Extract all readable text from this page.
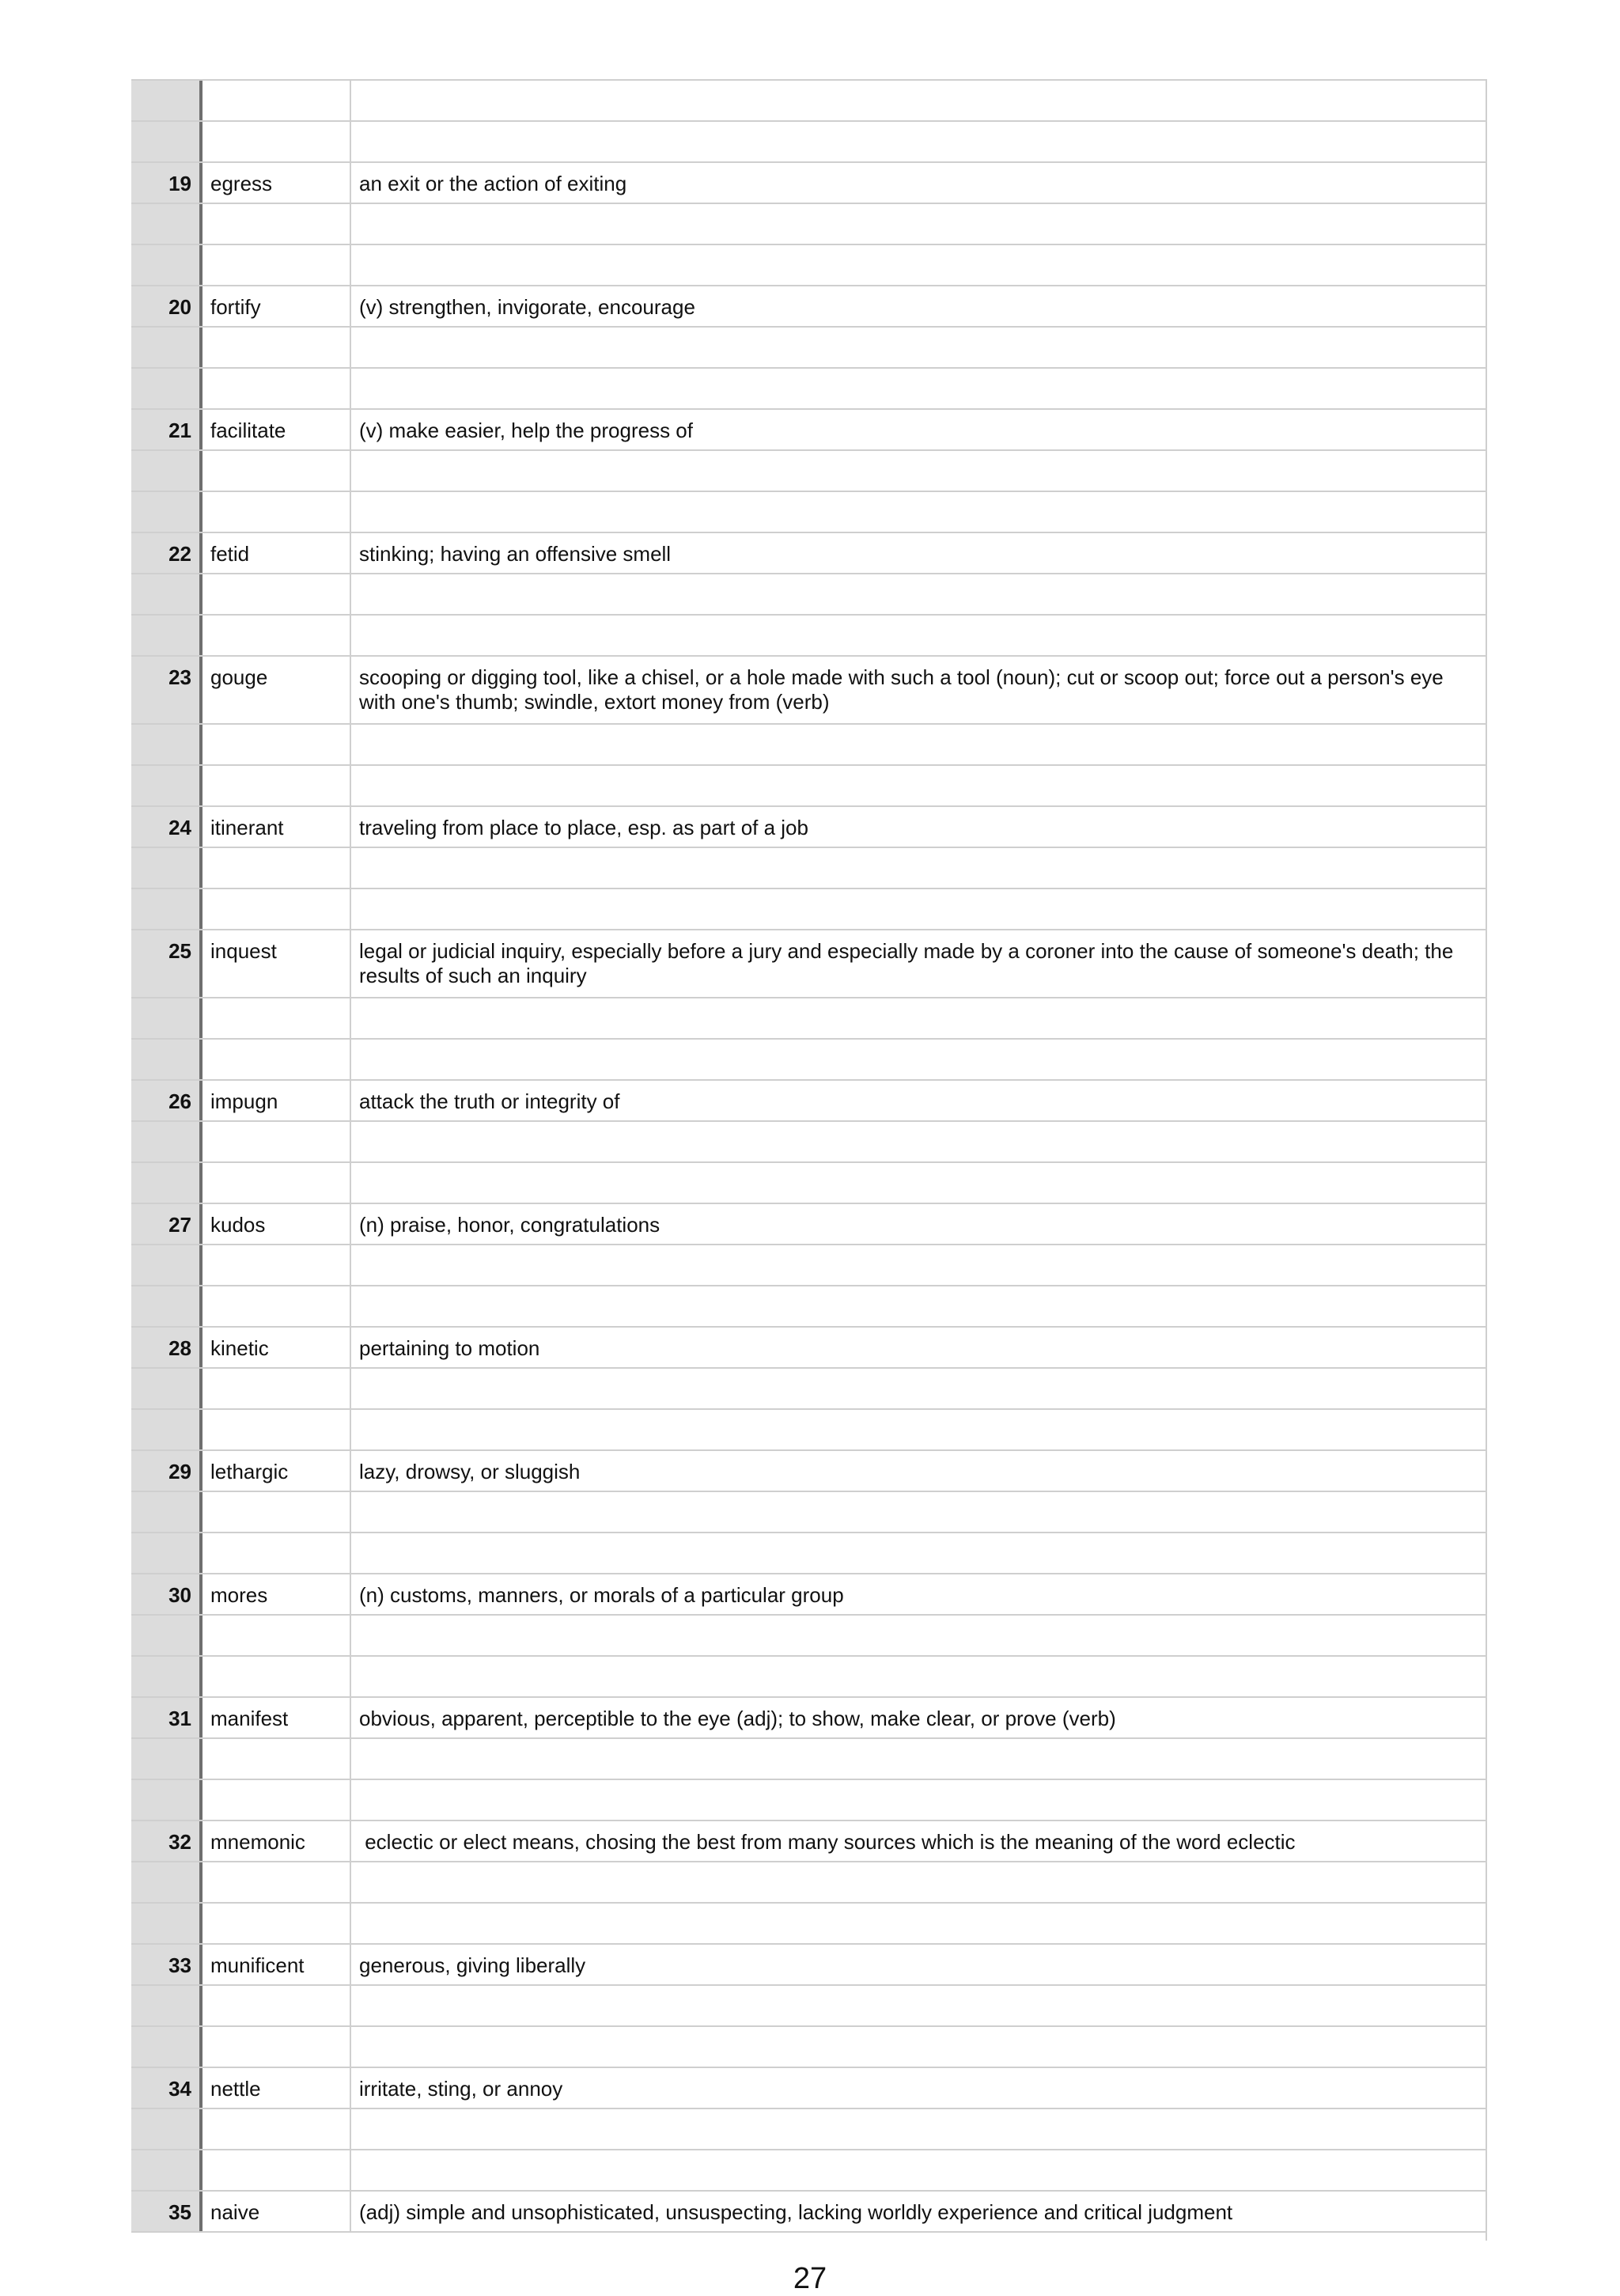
19 egress	an exit or the action of exiting
20 fortify	(v) strengthen, invigorate, encourage
21 facilitate	(v) make easier, help the progress of
22 fetid	stinking; having an offensive smell
23 gouge	scooping or digging tool, like a chisel, or a hole made with such a tool (noun); cut or scoop out; force out a person's eye with one's thumb; swindle, extort money from (verb)
24 itinerant	traveling from place to place, esp. as part of a job
25 inquest	legal or judicial inquiry, especially before a jury and especially made by a coroner into the cause of someone's death; the results of such an inquiry
26 impugn	attack the truth or integrity of
27 kudos	(n) praise, honor, congratulations
28 kinetic	pertaining to motion
29 lethargic	lazy, drowsy, or sluggish
30 mores	(n) customs, manners, or morals of a particular group
31 manifest	obvious, apparent, perceptible to the eye (adj); to show, make clear, or prove (verb)
32 mnemonic	eclectic or elect means, chosing the best from many sources which is the meaning of the word eclectic
33 munificent	generous, giving liberally
34 nettle	irritate, sting, or annoy
35 naive	(adj) simple and unsophisticated, unsuspecting, lacking worldly experience and critical judgment
27
